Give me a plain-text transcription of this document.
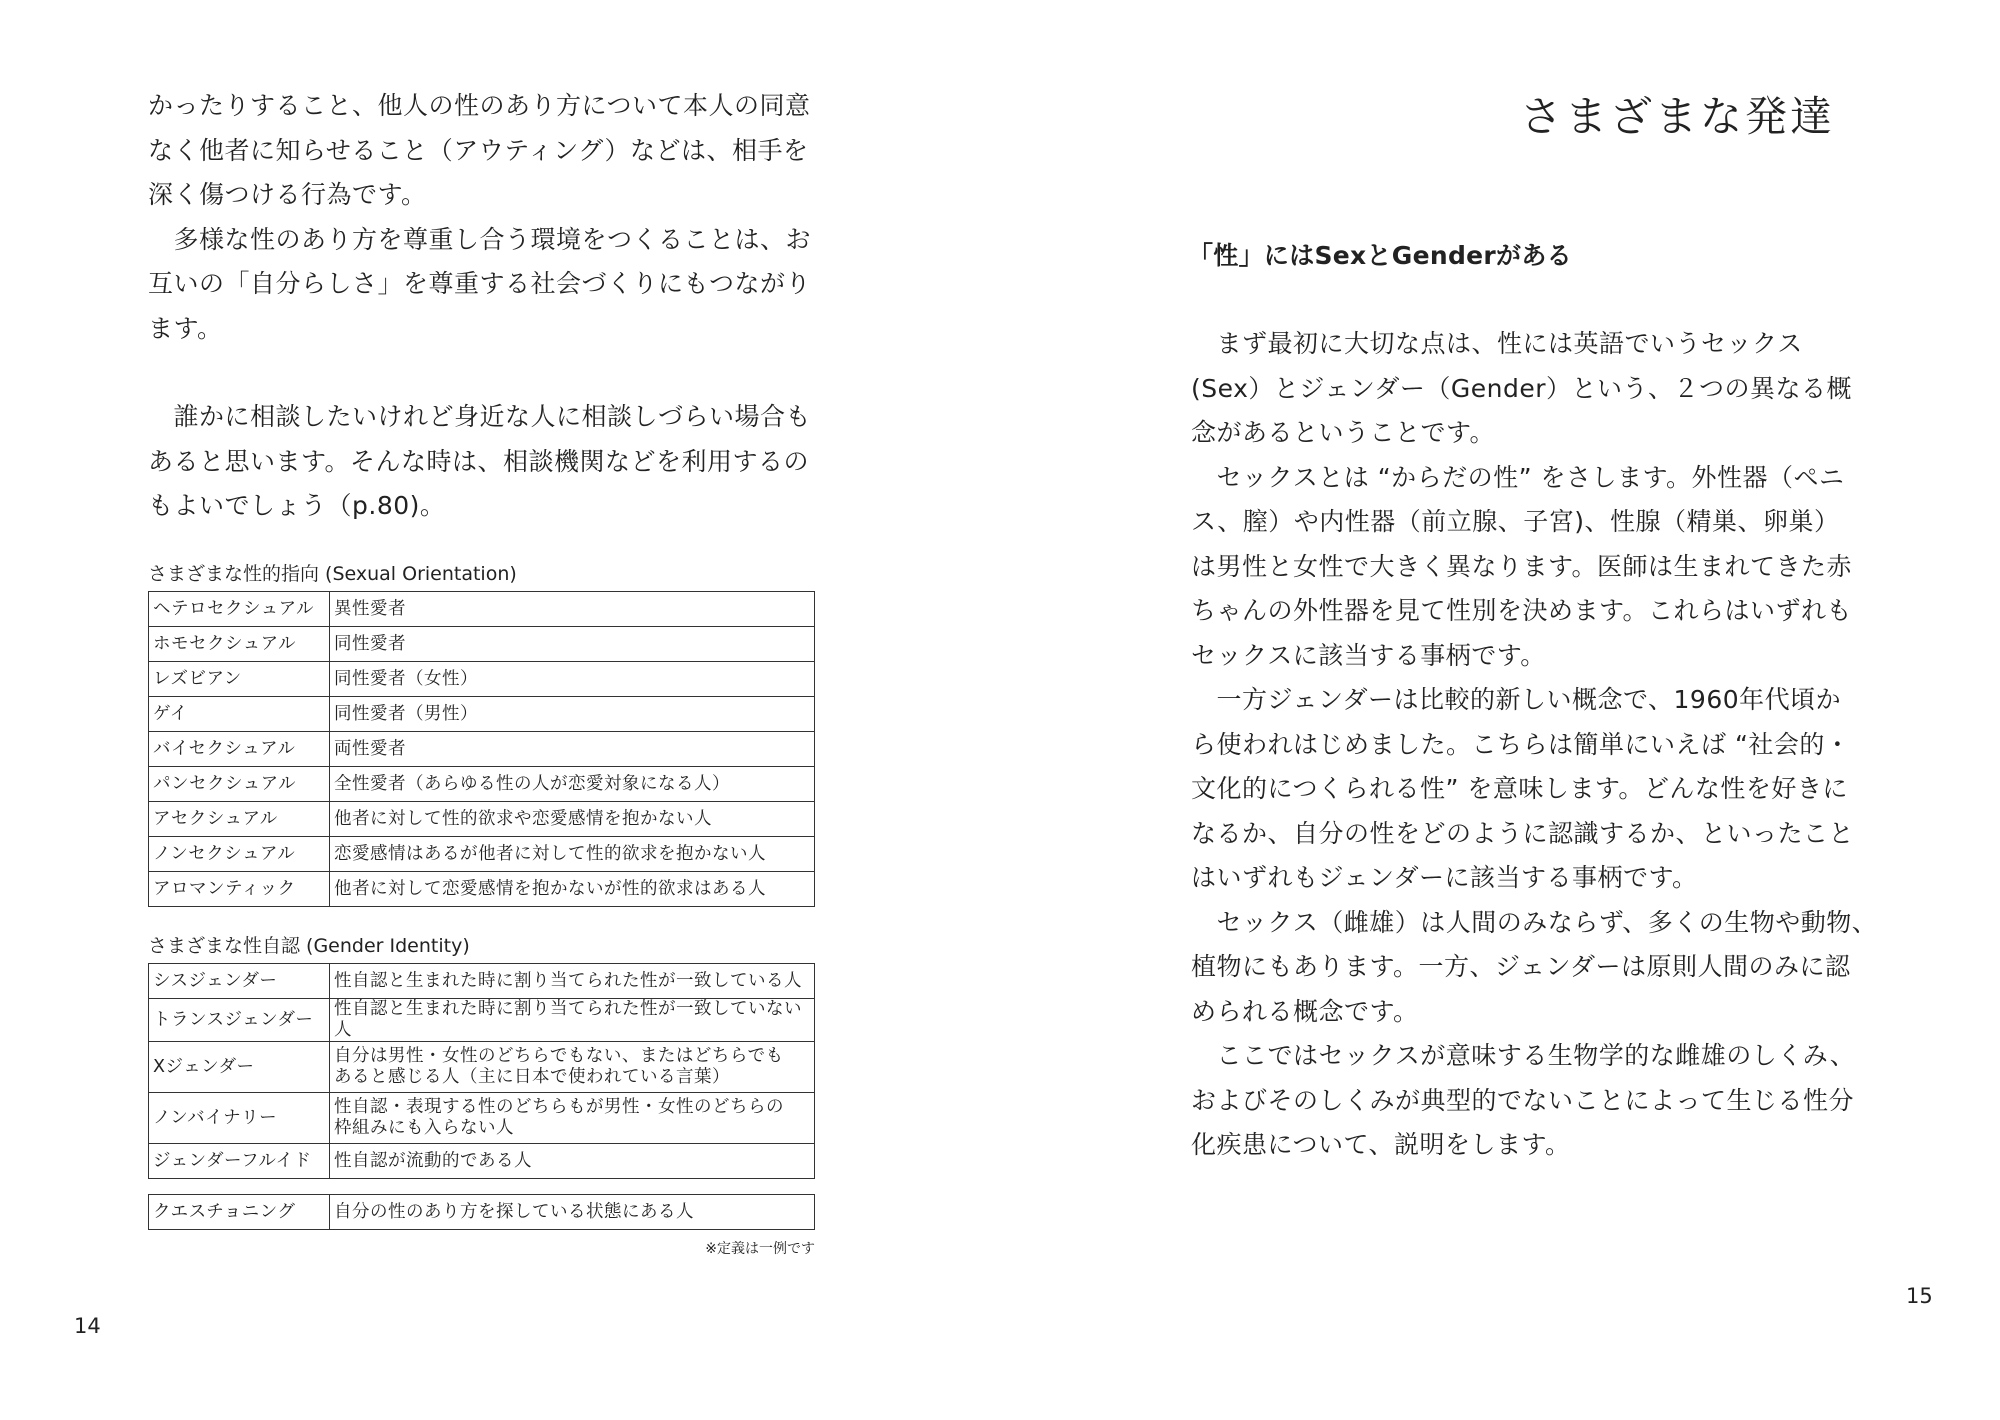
かったりすること、他人の性のあり方について本人の同意
なく他者に知らせること（アウティング）などは、相手を
深く傷つける行為です。

　多様な性のあり方を尊重し合う環境をつくることは、お
互いの「自分らしさ」を尊重する社会づくりにもつながり
ます。

　誰かに相談したいけれど身近な人に相談しづらい場合も
あると思います。そんな時は、相談機関などを利用するの
もよいでしょう（p.80)。

さまざまな性的指向 (Sexual Orientation)
ヘテロセクシュアル	異性愛者
ホモセクシュアル	同性愛者
レズビアン	同性愛者（女性）
ゲイ	同性愛者（男性）
バイセクシュアル	両性愛者
パンセクシュアル	全性愛者（あらゆる性の人が恋愛対象になる人）
アセクシュアル	他者に対して性的欲求や恋愛感情を抱かない人
ノンセクシュアル	恋愛感情はあるが他者に対して性的欲求を抱かない人
アロマンティック	他者に対して恋愛感情を抱かないが性的欲求はある人
さまざまな性自認 (Gender Identity)
シスジェンダー	性自認と生まれた時に割り当てられた性が一致している人
トランスジェンダー	性自認と生まれた時に割り当てられた性が一致していない人
Xジェンダー	自分は男性・女性のどちらでもない、またはどちらでも
あると感じる人（主に日本で使われている言葉）
ノンバイナリー	性自認・表現する性のどちらもが男性・女性のどちらの
枠組みにも入らない人
ジェンダーフルイド	性自認が流動的である人
クエスチョニング	自分の性のあり方を探している状態にある人
※定義は一例です
14
さまざまな発達
「性」にはSexとGenderがある

　まず最初に大切な点は、性には英語でいうセックス
(Sex）とジェンダー（Gender）という、２つの異なる概
念があるということです。
　セックスとは “からだの性” をさします。外性器（ペニ
ス、膣）や内性器（前立腺、子宮)、性腺（精巣、卵巣）
は男性と女性で大きく異なります。医師は生まれてきた赤
ちゃんの外性器を見て性別を決めます。これらはいずれも
セックスに該当する事柄です。
　一方ジェンダーは比較的新しい概念で、1960年代頃か
ら使われはじめました。こちらは簡単にいえば “社会的・
文化的につくられる性” を意味します。どんな性を好きに
なるか、自分の性をどのように認識するか、といったこと
はいずれもジェンダーに該当する事柄です。
　セックス（雌雄）は人間のみならず、多くの生物や動物、
植物にもあります。一方、ジェンダーは原則人間のみに認
められる概念です。
　ここではセックスが意味する生物学的な雌雄のしくみ、
およびそのしくみが典型的でないことによって生じる性分
化疾患について、説明をします。

15
